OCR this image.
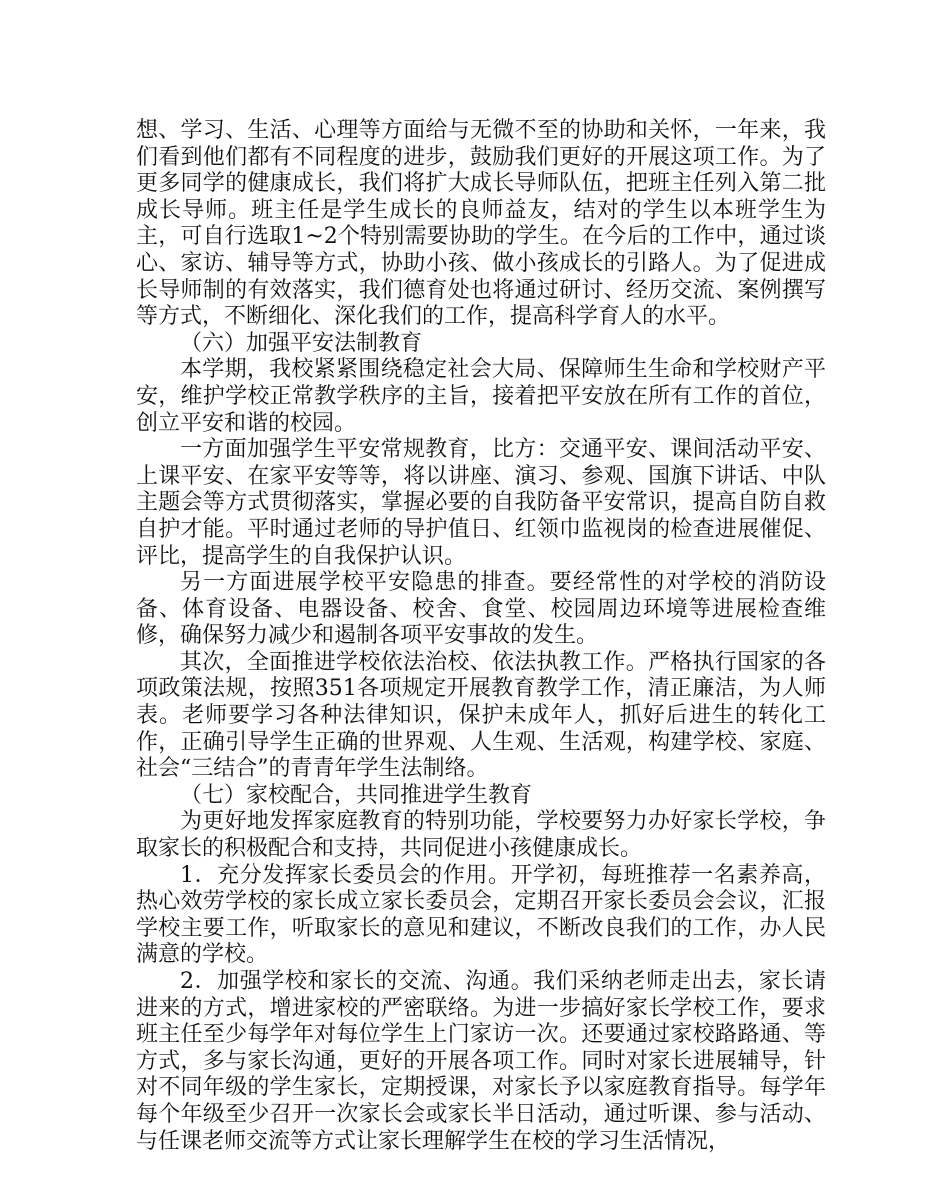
想、学习、生活、心理等方面给与无微不至的协助和关怀，一年来，我们看到他们都有不同程度的进步，鼓励我们更好的开展这项工作。为了更多同学的健康成长，我们将扩大成长导师队伍，把班主任列入第二批成长导师。班主任是学生成长的良师益友，结对的学生以本班学生为主，可自行选取1~2个特别需要协助的学生。在今后的工作中，通过谈心、家访、辅导等方式，协助小孩、做小孩成长的引路人。为了促进成长导师制的有效落实，我们德育处也将通过研讨、经历交流、案例撰写等方式，不断细化、深化我们的工作，提高科学育人的水平。

（六）加强平安法制教育

本学期，我校紧紧围绕稳定社会大局、保障师生生命和学校财产平安，维护学校正常教学秩序的主旨，接着把平安放在所有工作的首位，创立平安和谐的校园。

一方面加强学生平安常规教育，比方：交通平安、课间活动平安、上课平安、在家平安等等，将以讲座、演习、参观、国旗下讲话、中队主题会等方式贯彻落实，掌握必要的自我防备平安常识，提高自防自救自护才能。平时通过老师的导护值日、红领巾监视岗的检查进展催促、评比，提高学生的自我保护认识。

另一方面进展学校平安隐患的排查。要经常性的对学校的消防设备、体育设备、电器设备、校舍、食堂、校园周边环境等进展检查维修，确保努力减少和遏制各项平安事故的发生。

其次，全面推进学校依法治校、依法执教工作。严格执行国家的各项政策法规，按照351各项规定开展教育教学工作，清正廉洁，为人师表。老师要学习各种法律知识，保护未成年人，抓好后进生的转化工作，正确引导学生正确的世界观、人生观、生活观，构建学校、家庭、社会“三结合”的青青年学生法制络。

（七）家校配合，共同推进学生教育

为更好地发挥家庭教育的特别功能，学校要努力办好家长学校，争取家长的积极配合和支持，共同促进小孩健康成长。

1．充分发挥家长委员会的作用。开学初，每班推荐一名素养高，热心效劳学校的家长成立家长委员会，定期召开家长委员会会议，汇报学校主要工作，听取家长的意见和建议，不断改良我们的工作，办人民满意的学校。

2．加强学校和家长的交流、沟通。我们采纳老师走出去，家长请进来的方式，增进家校的严密联络。为进一步搞好家长学校工作，要求班主任至少每学年对每位学生上门家访一次。还要通过家校路路通、等方式，多与家长沟通，更好的开展各项工作。同时对家长进展辅导，针对不同年级的学生家长，定期授课，对家长予以家庭教育指导。每学年每个年级至少召开一次家长会或家长半日活动，通过听课、参与活动、与任课老师交流等方式让家长理解学生在校的学习生活情况，
